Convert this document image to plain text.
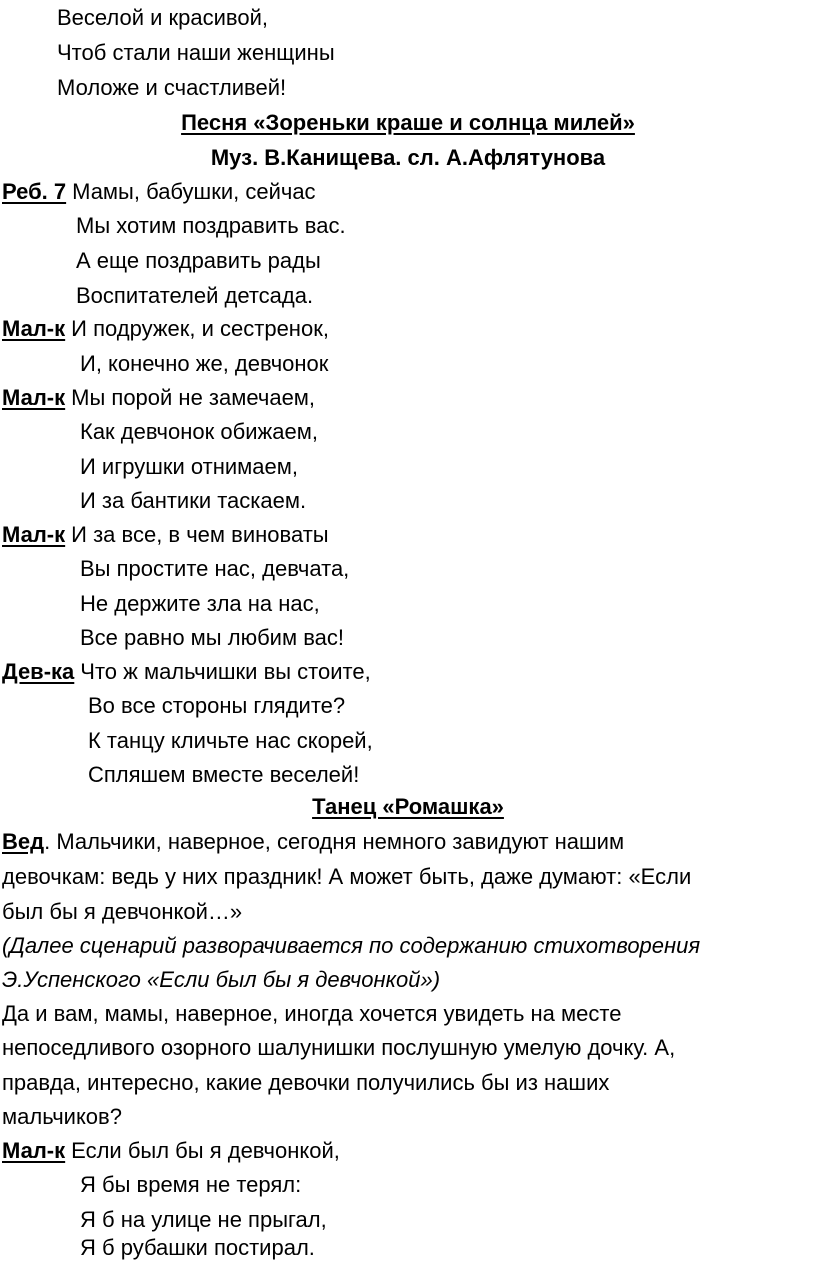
Веселой и красивой,
Чтоб стали наши женщины
Моложе и счастливей!
Песня «Зореньки краше и солнца милей»
Муз. В.Канищева. сл. А.Афлятунова
Реб. 7 Мамы, бабушки, сейчас
Мы хотим поздравить вас.
А еще поздравить рады
Воспитателей детсада.
Мал-к И подружек, и сестренок,
И, конечно же, девчонок
Мал-к Мы порой не замечаем,
Как девчонок обижаем,
И игрушки отнимаем,
И за бантики таскаем.
Мал-к И за все, в чем виноваты
Вы простите нас, девчата,
Не держите зла на нас,
Все равно мы любим вас!
Дев-ка Что ж мальчишки вы стоите,
Во все стороны глядите?
К танцу кличьте нас скорей,
Спляшем вместе веселей!
Танец «Ромашка»
Вед. Мальчики, наверное, сегодня немного завидуют нашим
девочкам: ведь у них праздник! А может быть, даже думают: «Если
был бы я девчонкой…»
(Далее сценарий разворачивается по содержанию стихотворения
Э.Успенского «Если был бы я девчонкой»)
Да и вам, мамы, наверное, иногда хочется увидеть на месте
непоседливого озорного шалунишки послушную умелую дочку. А,
правда, интересно, какие девочки получились бы из наших
мальчиков?
Мал-к Если был бы я девчонкой,
Я бы время не терял:
Я б на улице не прыгал,
Я б рубашки постирал.
